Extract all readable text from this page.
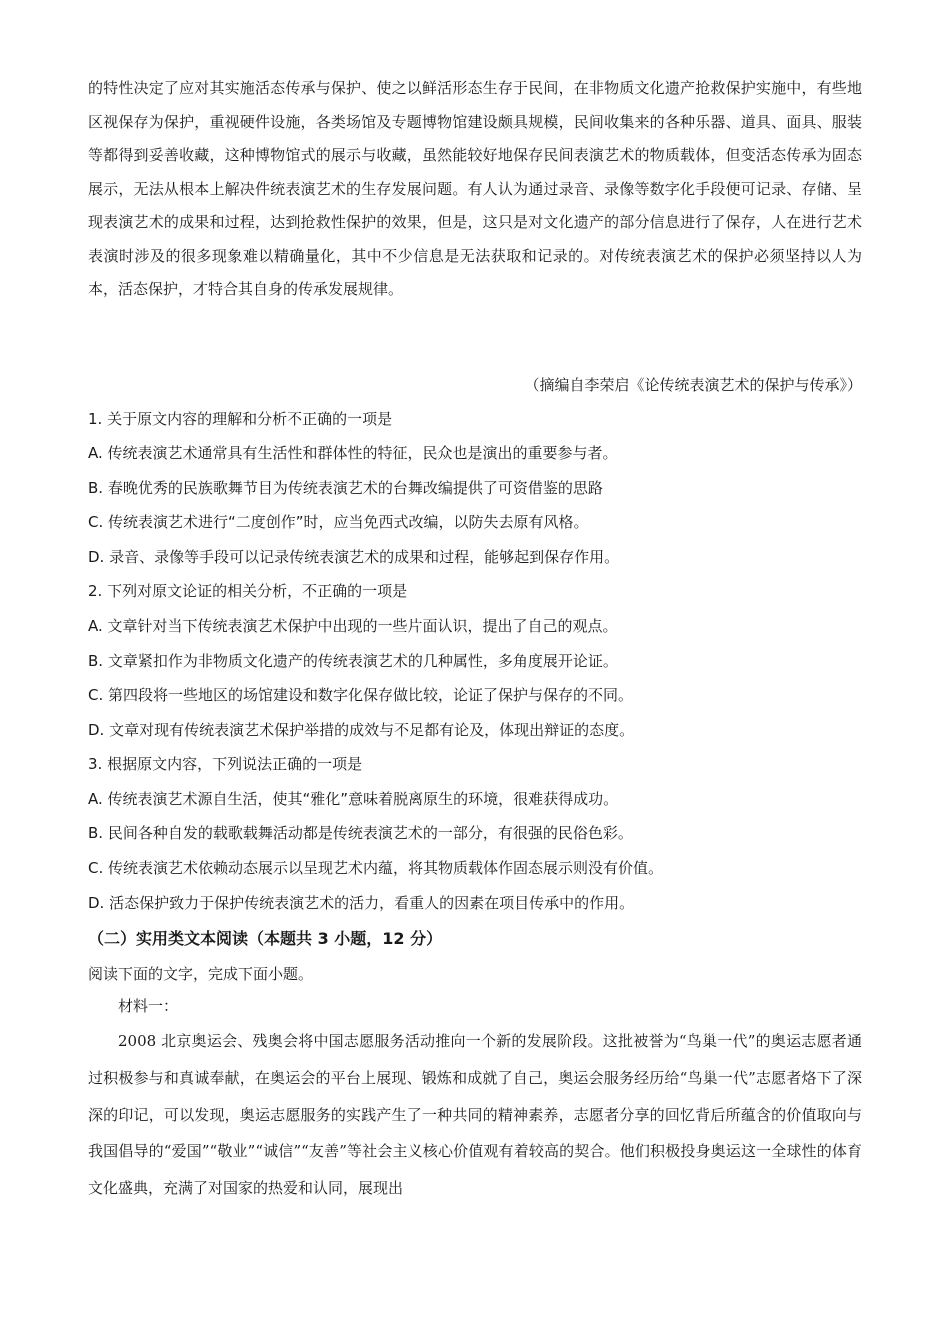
的特性决定了应对其实施活态传承与保护、使之以鲜活形态生存于民间，在非物质文化遗产抢救保护实施中，有些地区视保存为保护，重视硬件设施，各类场馆及专题博物馆建设颇具规模，民间收集来的各种乐器、道具、面具、服装等都得到妥善收藏，这种博物馆式的展示与收藏，虽然能较好地保存民间表演艺术的物质载体，但变活态传承为固态展示，无法从根本上解决件统表演艺术的生存发展问题。有人认为通过录音、录像等数字化手段便可记录、存储、呈现表演艺术的成果和过程，达到抢救性保护的效果，但是，这只是对文化遗产的部分信息进行了保存，人在进行艺术表演时涉及的很多现象难以精确量化，其中不少信息是无法获取和记录的。对传统表演艺术的保护必须坚持以人为本，活态保护，才特合其自身的传承发展规律。

（摘编自李荣启《论传统表演艺术的保护与传承》）

1. 关于原文内容的理解和分析不正确的一项是

A. 传统表演艺术通常具有生活性和群体性的特征，民众也是演出的重要参与者。

B. 春晚优秀的民族歌舞节目为传统表演艺术的台舞改编提供了可资借鉴的思路

C. 传统表演艺术进行“二度创作”时，应当免西式改编，以防失去原有风格。

D. 录音、录像等手段可以记录传统表演艺术的成果和过程，能够起到保存作用。

2. 下列对原文论证的相关分析，不正确的一项是

A. 文章针对当下传统表演艺术保护中出现的一些片面认识，提出了自己的观点。

B. 文章紧扣作为非物质文化遗产的传统表演艺术的几种属性，多角度展开论证。

C. 第四段将一些地区的场馆建设和数字化保存做比较，论证了保护与保存的不同。

D. 文章对现有传统表演艺术保护举措的成效与不足都有论及，体现出辩证的态度。

3. 根据原文内容，下列说法正确的一项是

A. 传统表演艺术源自生活，使其“雅化”意味着脱离原生的环境，很难获得成功。

B. 民间各种自发的载歌载舞活动都是传统表演艺术的一部分，有很强的民俗色彩。

C. 传统表演艺术依赖动态展示以呈现艺术内蕴，将其物质载体作固态展示则没有价值。

D. 活态保护致力于保护传统表演艺术的活力，看重人的因素在项目传承中的作用。

（二）实用类文本阅读（本题共 3 小题，12 分）

阅读下面的文字，完成下面小题。

材料一：

2008 北京奥运会、残奥会将中国志愿服务活动推向一个新的发展阶段。这批被誉为“鸟巢一代”的奥运志愿者通过积极参与和真诚奉献，在奥运会的平台上展现、锻炼和成就了自己，奥运会服务经历给“鸟巢一代”志愿者烙下了深深的印记，可以发现，奥运志愿服务的实践产生了一种共同的精神素养，志愿者分享的回忆背后所蕴含的价值取向与我国倡导的“爱国”“敬业”“诚信”“友善”等社会主义核心价值观有着较高的契合。他们积极投身奥运这一全球性的体育文化盛典，充满了对国家的热爱和认同，展现出
